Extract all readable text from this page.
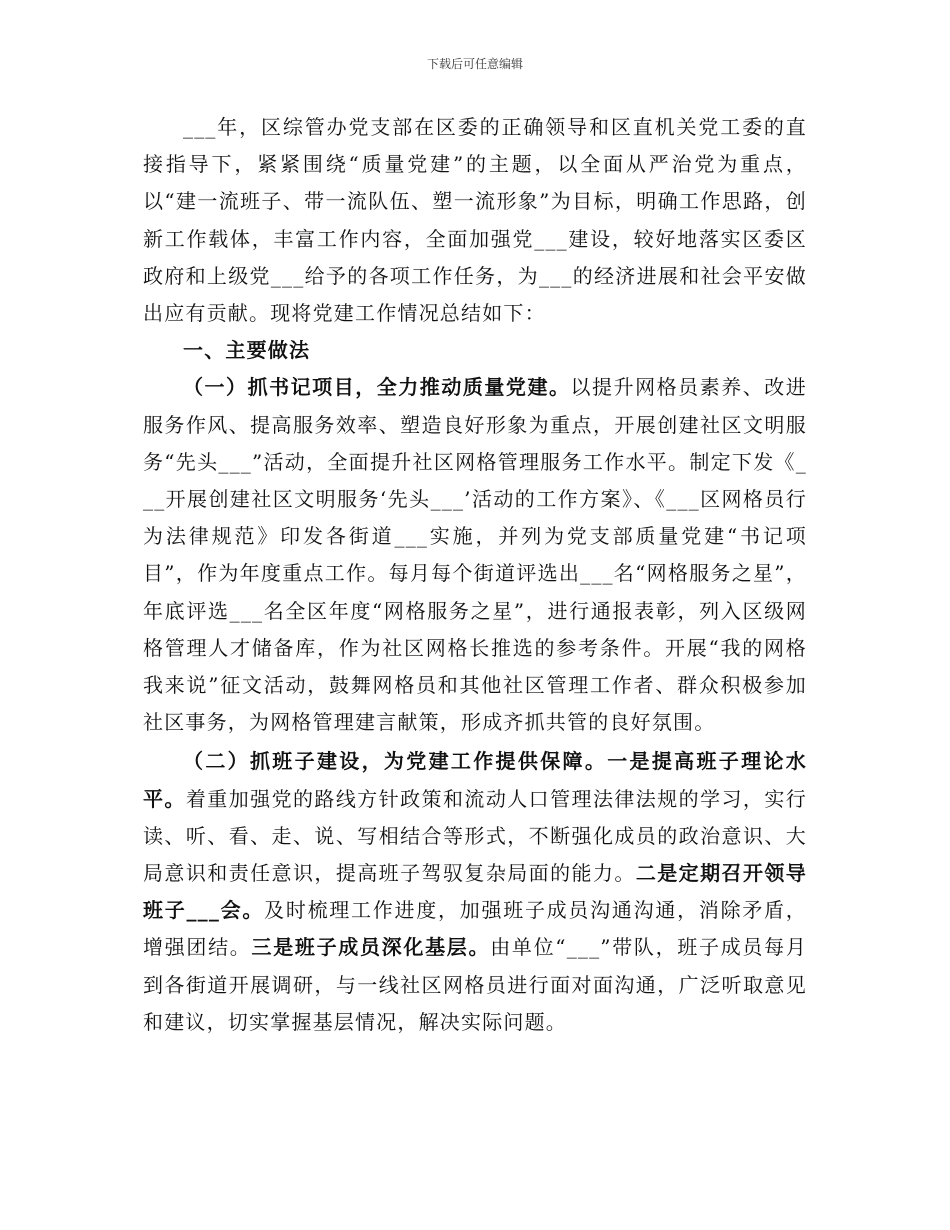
下载后可任意编辑

___年，区综管办党支部在区委的正确领导和区直机关党工委的直接指导下，紧紧围绕“质量党建”的主题，以全面从严治党为重点，以“建一流班子、带一流队伍、塑一流形象”为目标，明确工作思路，创新工作载体，丰富工作内容，全面加强党___建设，较好地落实区委区政府和上级党___给予的各项工作任务，为___的经济进展和社会平安做出应有贡献。现将党建工作情况总结如下：

一、主要做法

（一）抓书记项目，全力推动质量党建。以提升网格员素养、改进服务作风、提高服务效率、塑造良好形象为重点，开展创建社区文明服务“先头___”活动，全面提升社区网格管理服务工作水平。制定下发《___开展创建社区文明服务‘先头___’活动的工作方案》、《___区网格员行为法律规范》印发各街道___实施，并列为党支部质量党建“书记项目”，作为年度重点工作。每月每个街道评选出___名“网格服务之星”，年底评选___名全区年度“网格服务之星”，进行通报表彰，列入区级网格管理人才储备库，作为社区网格长推选的参考条件。开展“我的网格我来说”征文活动，鼓舞网格员和其他社区管理工作者、群众积极参加社区事务，为网格管理建言献策，形成齐抓共管的良好氛围。

（二）抓班子建设，为党建工作提供保障。一是提高班子理论水平。着重加强党的路线方针政策和流动人口管理法律法规的学习，实行读、听、看、走、说、写相结合等形式，不断强化成员的政治意识、大局意识和责任意识，提高班子驾驭复杂局面的能力。二是定期召开领导班子___会。及时梳理工作进度，加强班子成员沟通沟通，消除矛盾，增强团结。三是班子成员深化基层。由单位“___”带队，班子成员每月到各街道开展调研，与一线社区网格员进行面对面沟通，广泛听取意见和建议，切实掌握基层情况，解决实际问题。
